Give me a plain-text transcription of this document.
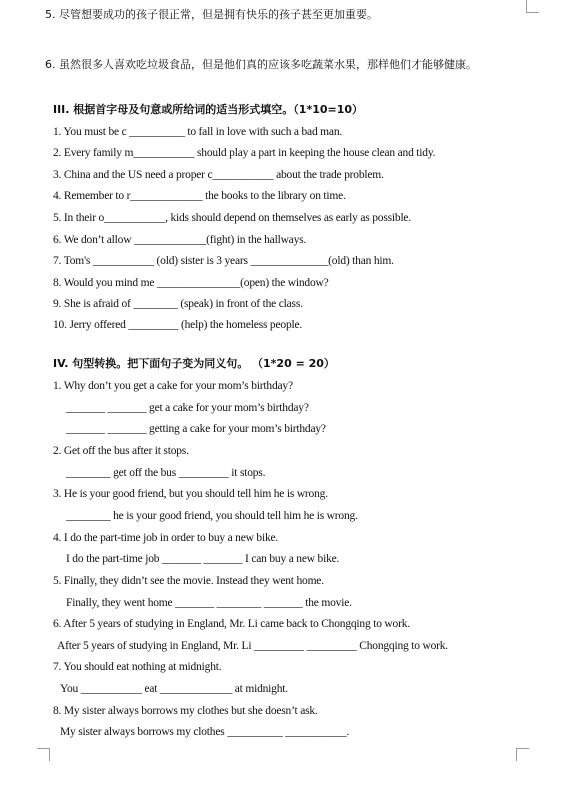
5. 尽管想要成功的孩子很正常，但是拥有快乐的孩子甚至更加重要。
6. 虽然很多人喜欢吃垃圾食品，但是他们真的应该多吃蔬菜水果，那样他们才能够健康。
III. 根据首字母及句意或所给词的适当形式填空。（1*10=10）
1. You must be c __________ to fall in love with such a bad man.
2. Every family m___________ should play a part in keeping the house clean and tidy.
3. China and the US need a proper c___________ about the trade problem.
4. Remember to r_____________ the books to the library on time.
5. In their o___________, kids should depend on themselves as early as possible.
6. We don’t allow _____________(fight) in the hallways.
7. Tom's ___________ (old) sister is 3 years ______________(old) than him.
8. Would you mind me _______________(open) the window?
9. She is afraid of ________ (speak) in front of the class.
10. Jerry offered _________ (help) the homeless people.
IV. 句型转换。把下面句子变为同义句。 （1*20 = 20）
1. Why don’t you get a cake for your mom’s birthday?
_______ _______ get a cake for your mom’s birthday?
_______ _______ getting a cake for your mom’s birthday?
2. Get off the bus after it stops.
________ get off the bus _________ it stops.
3. He is your good friend, but you should tell him he is wrong.
________ he is your good friend, you should tell him he is wrong.
4. I do the part-time job in order to buy a new bike.
I do the part-time job _______ _______ I can buy a new bike.
5. Finally, they didn’t see the movie. Instead they went home.
Finally, they went home _______ ________ _______ the movie.
6. After 5 years of studying in England, Mr. Li came back to Chongqing to work.
After 5 years of studying in England, Mr. Li _________ _________ Chongqing to work.
7. You should eat nothing at midnight.
You ___________ eat _____________ at midnight.
8. My sister always borrows my clothes but she doesn’t ask.
My sister always borrows my clothes __________ ___________.
